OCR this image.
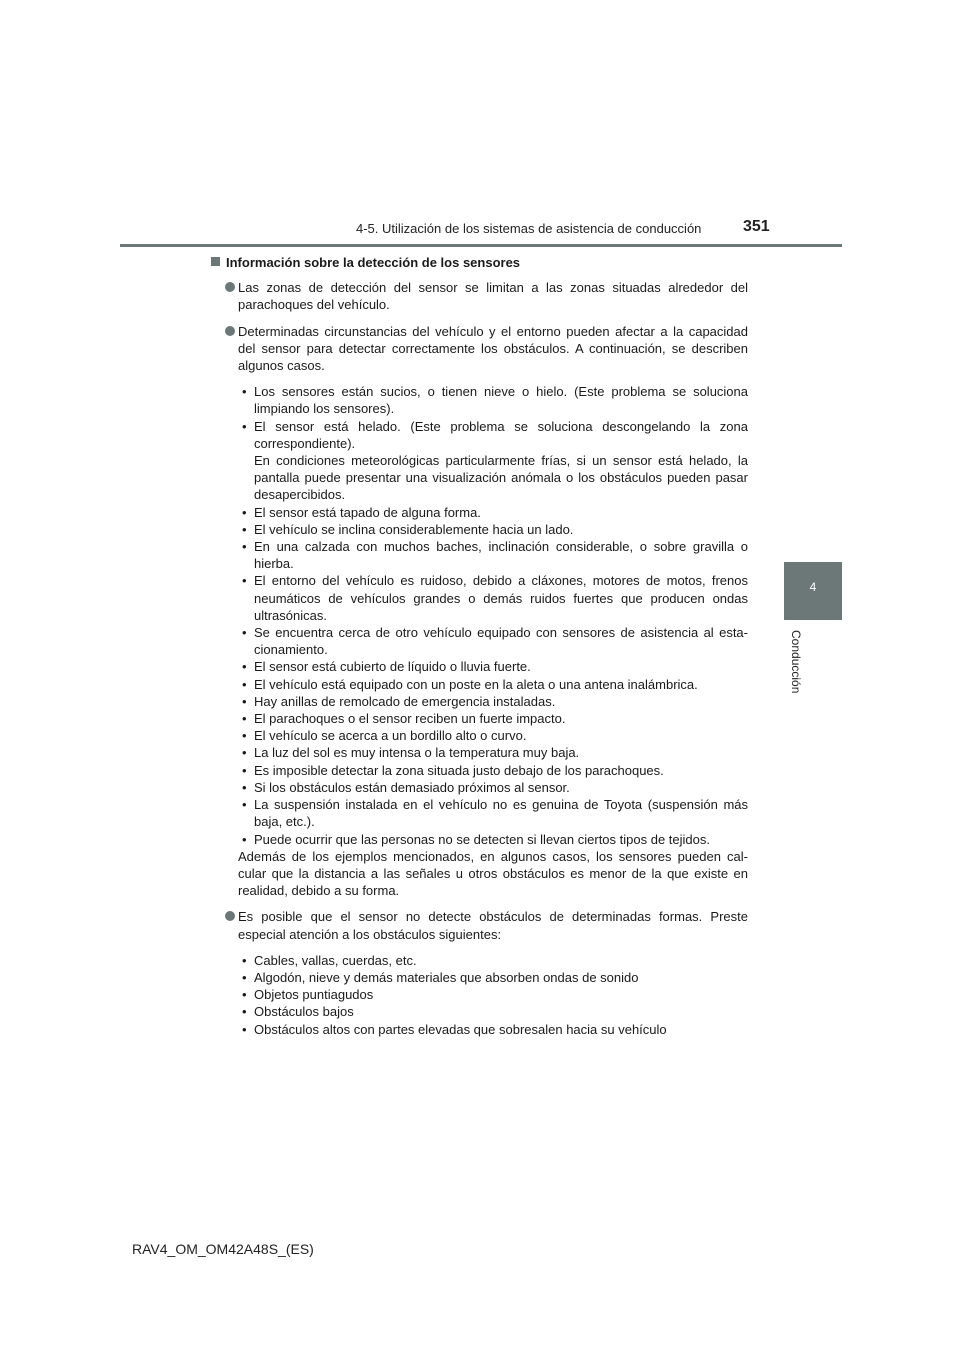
4-5. Utilización de los sistemas de asistencia de conducción	351
4
Conducción
Información sobre la detección de los sensores
Las zonas de detección del sensor se limitan a las zonas situadas alrededor del parachoques del vehículo.
Determinadas circunstancias del vehículo y el entorno pueden afectar a la capacidad del sensor para detectar correctamente los obstáculos. A continuación, se describen algunos casos.
• Los sensores están sucios, o tienen nieve o hielo. (Este problema se soluciona limpiando los sensores).
• El sensor está helado. (Este problema se soluciona descongelando la zona correspondiente).
En condiciones meteorológicas particularmente frías, si un sensor está helado, la pantalla puede presentar una visualización anómala o los obstáculos pueden pasar desapercibidos.
• El sensor está tapado de alguna forma.
• El vehículo se inclina considerablemente hacia un lado.
• En una calzada con muchos baches, inclinación considerable, o sobre gravilla o hierba.
• El entorno del vehículo es ruidoso, debido a cláxones, motores de motos, frenos neumáticos de vehículos grandes o demás ruidos fuertes que producen ondas ultrasónicas.
• Se encuentra cerca de otro vehículo equipado con sensores de asistencia al esta-cionamiento.
• El sensor está cubierto de líquido o lluvia fuerte.
• El vehículo está equipado con un poste en la aleta o una antena inalámbrica.
• Hay anillas de remolcado de emergencia instaladas.
• El parachoques o el sensor reciben un fuerte impacto.
• El vehículo se acerca a un bordillo alto o curvo.
• La luz del sol es muy intensa o la temperatura muy baja.
• Es imposible detectar la zona situada justo debajo de los parachoques.
• Si los obstáculos están demasiado próximos al sensor.
• La suspensión instalada en el vehículo no es genuina de Toyota (suspensión más baja, etc.).
• Puede ocurrir que las personas no se detecten si llevan ciertos tipos de tejidos.
Además de los ejemplos mencionados, en algunos casos, los sensores pueden cal-cular que la distancia a las señales u otros obstáculos es menor de la que existe en realidad, debido a su forma.
Es posible que el sensor no detecte obstáculos de determinadas formas. Preste especial atención a los obstáculos siguientes:
• Cables, vallas, cuerdas, etc.
• Algodón, nieve y demás materiales que absorben ondas de sonido
• Objetos puntiagudos
• Obstáculos bajos
• Obstáculos altos con partes elevadas que sobresalen hacia su vehículo
RAV4_OM_OM42A48S_(ES)
